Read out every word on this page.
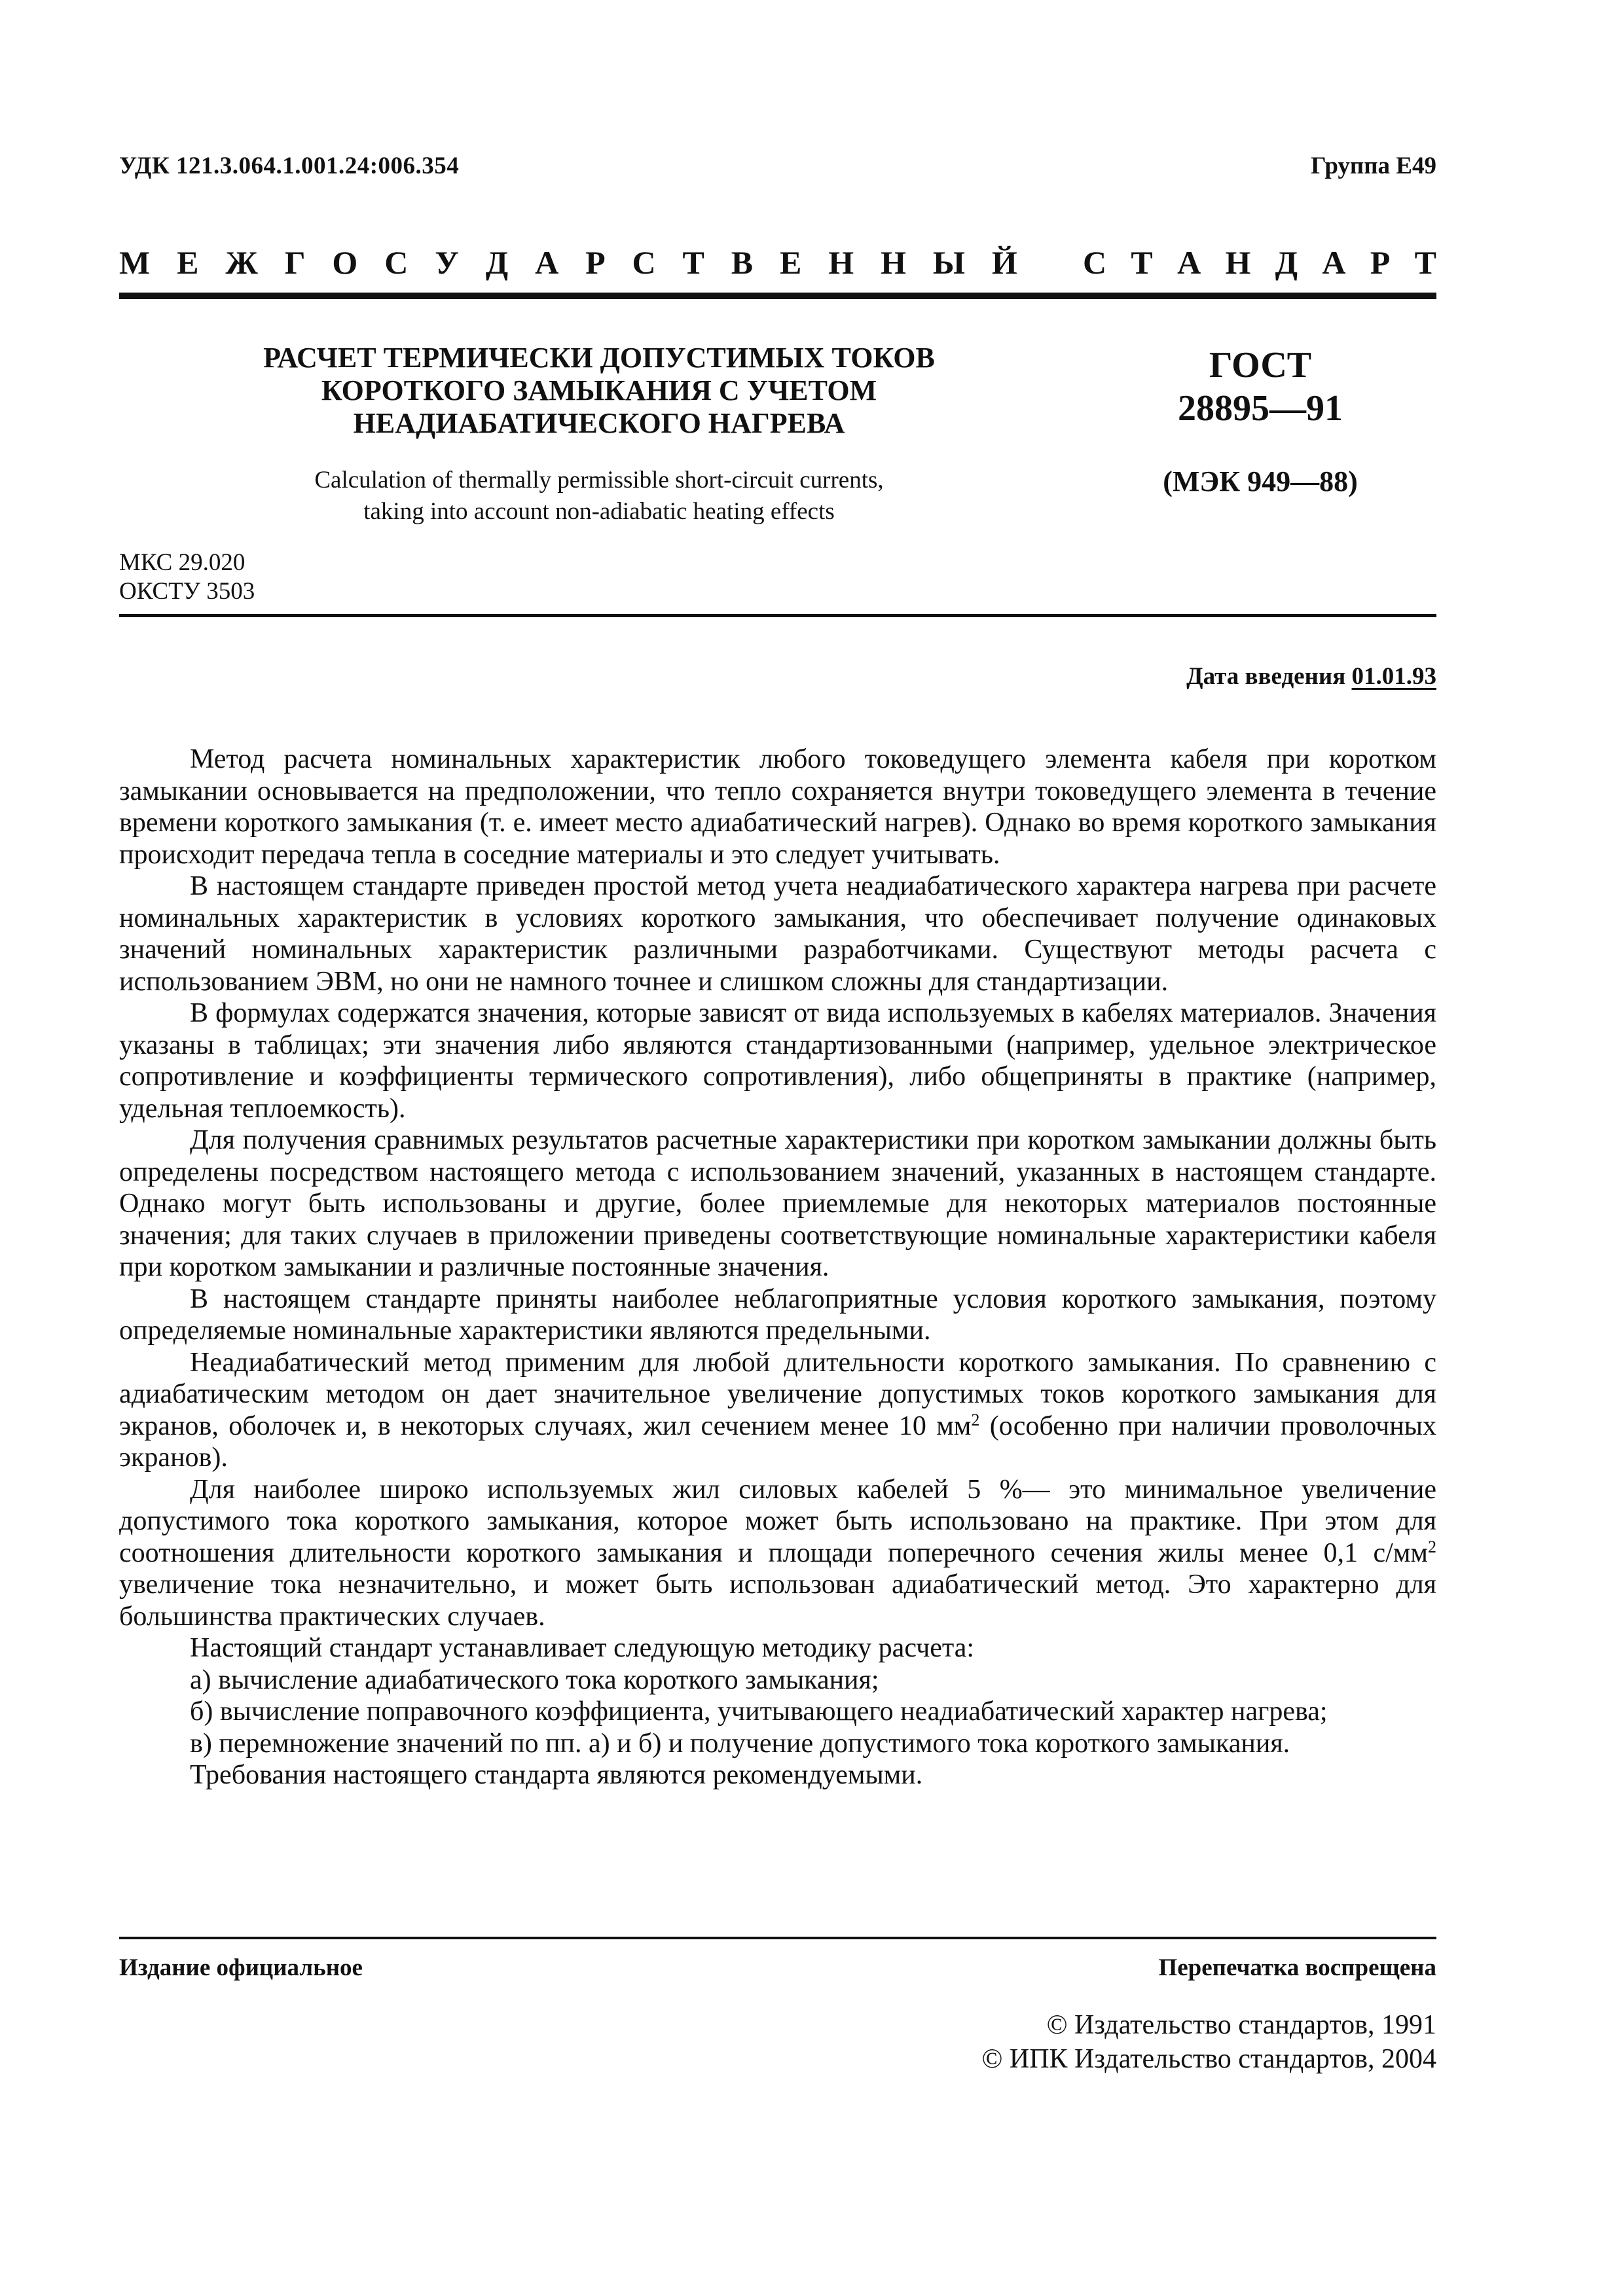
УДК 121.3.064.1.001.24:006.354	Группа Е49
М Е Ж Г О С У Д А Р С Т В Е Н Н Ы Й С Т А Н Д А Р Т
РАСЧЕТ ТЕРМИЧЕСКИ ДОПУСТИМЫХ ТОКОВ
КОРОТКОГО ЗАМЫКАНИЯ С УЧЕТОМ
НЕАДИАБАТИЧЕСКОГО НАГРЕВА
Calculation of thermally permissible short-circuit currents,
taking into account non-adiabatic heating effects
ГОСТ
28895—91
(МЭК 949—88)
МКС 29.020
ОКСТУ 3503
Дата введения 01.01.93

Метод расчета номинальных характеристик любого токоведущего элемента кабеля при коротком замыкании основывается на предположении, что тепло сохраняется внутри токоведущего элемента в течение времени короткого замыкания (т. е. имеет место адиабатический нагрев). Однако во время короткого замыкания происходит передача тепла в соседние материалы и это следует учитывать.

В настоящем стандарте приведен простой метод учета неадиабатического характера нагрева при расчете номинальных характеристик в условиях короткого замыкания, что обеспечивает получение одинаковых значений номинальных характеристик различными разработчиками. Существуют методы расчета с использованием ЭВМ, но они не намного точнее и слишком сложны для стандартизации.

В формулах содержатся значения, которые зависят от вида используемых в кабелях материалов. Значения указаны в таблицах; эти значения либо являются стандартизованными (например, удельное электрическое сопротивление и коэффициенты термического сопротивления), либо общеприняты в практике (например, удельная теплоемкость).

Для получения сравнимых результатов расчетные характеристики при коротком замыкании должны быть определены посредством настоящего метода с использованием значений, указанных в настоящем стандарте. Однако могут быть использованы и другие, более приемлемые для некоторых материалов постоянные значения; для таких случаев в приложении приведены соответствующие номинальные характеристики кабеля при коротком замыкании и различные постоянные значения.

В настоящем стандарте приняты наиболее неблагоприятные условия короткого замыкания, поэтому определяемые номинальные характеристики являются предельными.

Неадиабатический метод применим для любой длительности короткого замыкания. По сравнению с адиабатическим методом он дает значительное увеличение допустимых токов короткого замыкания для экранов, оболочек и, в некоторых случаях, жил сечением менее 10 $мм^2$ (особенно при наличии проволочных экранов).

Для наиболее широко используемых жил силовых кабелей 5 %— это минимальное увеличение допустимого тока короткого замыкания, которое может быть использовано на практике. При этом для соотношения длительности короткого замыкания и площади поперечного сечения жилы менее 0,1 $с/мм^2$ увеличение тока незначительно, и может быть использован адиабатический метод. Это характерно для большинства практических случаев.

Настоящий стандарт устанавливает следующую методику расчета:

а) вычисление адиабатического тока короткого замыкания;

б) вычисление поправочного коэффициента, учитывающего неадиабатический характер нагрева;

в) перемножение значений по пп. а) и б) и получение допустимого тока короткого замыкания.

Требования настоящего стандарта являются рекомендуемыми.

Издание официальное	Перепечатка воспрещена
© Издательство стандартов, 1991
© ИПК Издательство стандартов, 2004
